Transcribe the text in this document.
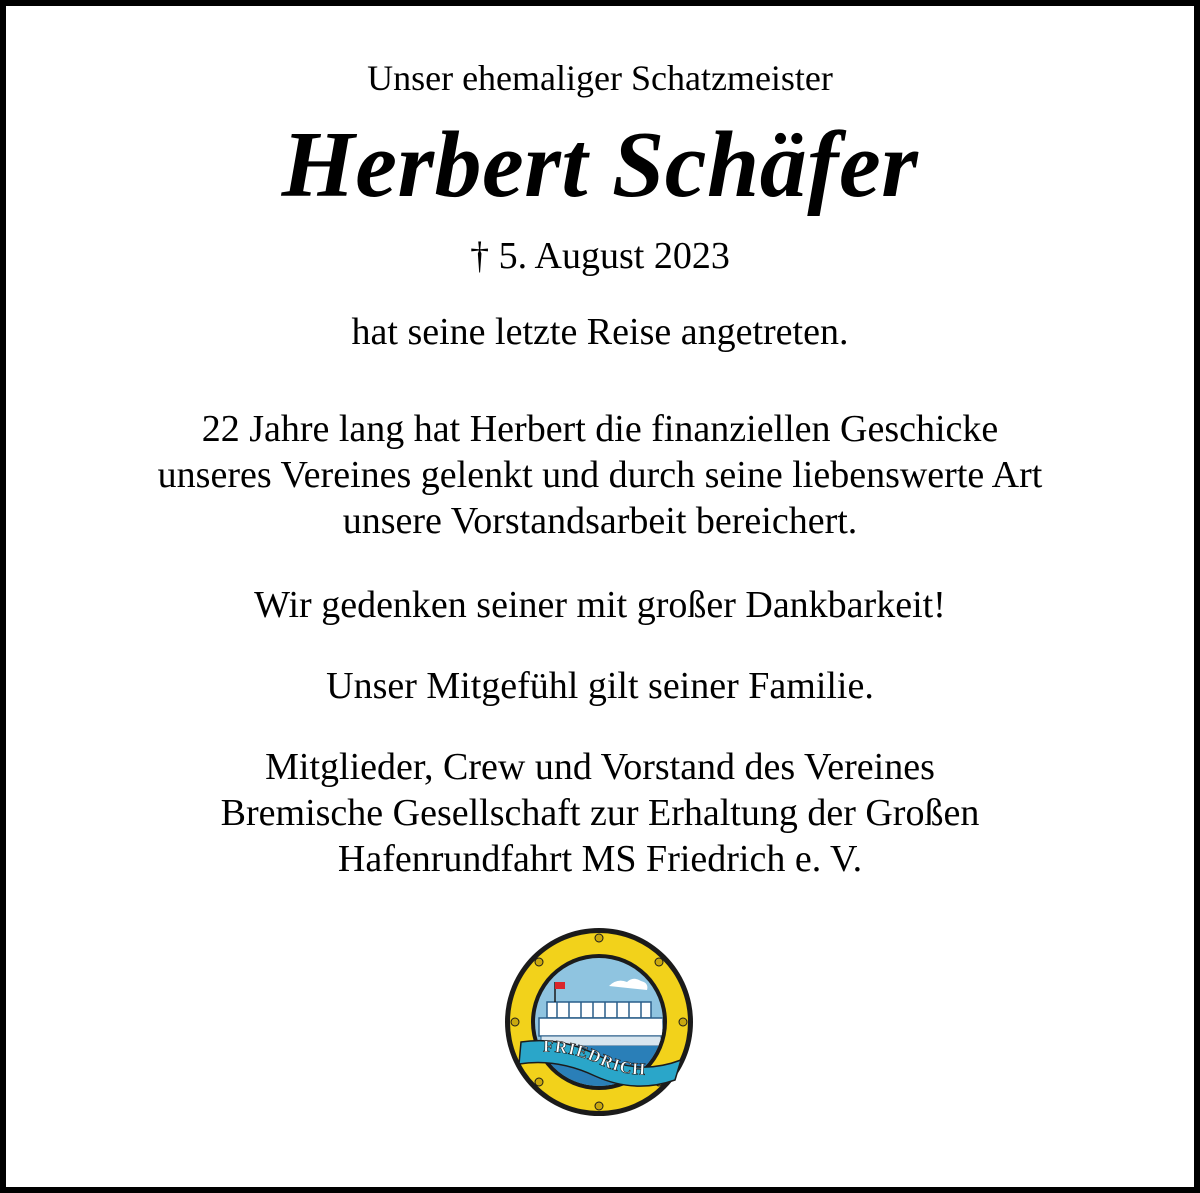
Unser ehemaliger Schatzmeister
Herbert Schäfer
† 5. August 2023
hat seine letzte Reise angetreten.
22 Jahre lang hat Herbert die finanziellen Geschicke
unseres Vereines gelenkt und durch seine liebenswerte Art
unsere Vorstandsarbeit bereichert.
Wir gedenken seiner mit großer Dankbarkeit!
Unser Mitgefühl gilt seiner Familie.
Mitglieder, Crew und Vorstand des Vereines
Bremische Gesellschaft zur Erhaltung der Großen
Hafenrundfahrt MS Friedrich e. V.
FRIEDRICH
